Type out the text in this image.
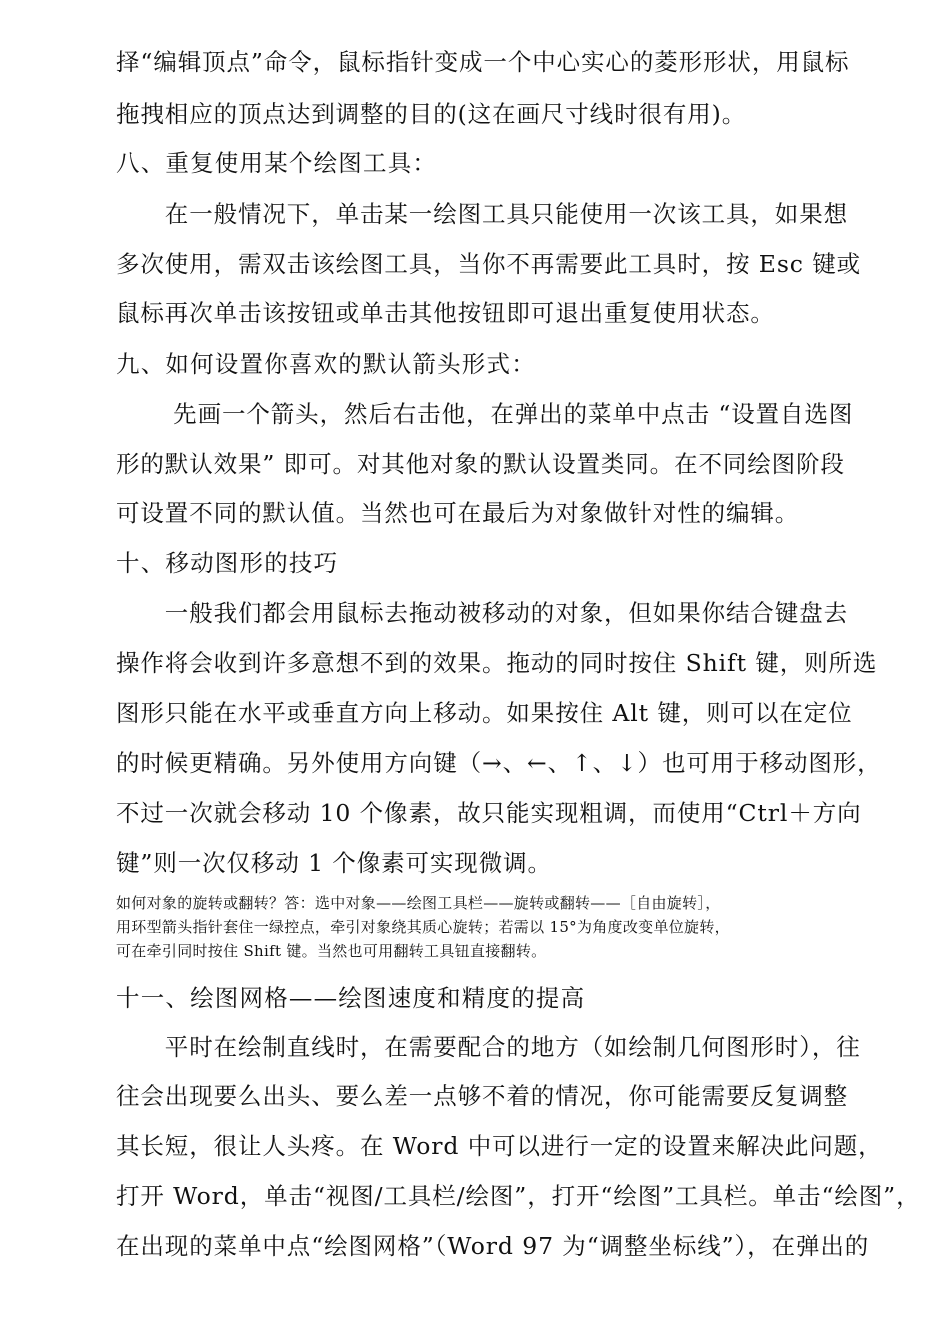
择“编辑顶点”命令，鼠标指针变成一个中心实心的菱形形状，用鼠标
拖拽相应的顶点达到调整的目的(这在画尺寸线时很有用)。
八、重复使用某个绘图工具：
　　在一般情况下，单击某一绘图工具只能使用一次该工具，如果想
多次使用，需双击该绘图工具，当你不再需要此工具时，按 Esc 键或
鼠标再次单击该按钮或单击其他按钮即可退出重复使用状态。
九、如何设置你喜欢的默认箭头形式：
　　 先画一个箭头，然后右击他，在弹出的菜单中点击 “设置自选图
形的默认效果” 即可。对其他对象的默认设置类同。在不同绘图阶段
可设置不同的默认值。当然也可在最后为对象做针对性的编辑。
十、移动图形的技巧
　　一般我们都会用鼠标去拖动被移动的对象，但如果你结合键盘去
操作将会收到许多意想不到的效果。拖动的同时按住 Shift 键，则所选
图形只能在水平或垂直方向上移动。如果按住 Alt 键，则可以在定位
的时候更精确。另外使用方向键（→、←、↑、↓）也可用于移动图形，
不过一次就会移动 10 个像素，故只能实现粗调，而使用“Ctrl＋方向
键”则一次仅移动 1 个像素可实现微调。
如何对象的旋转或翻转？答：选中对象——绘图工具栏——旋转或翻转——［自由旋转］，
用环型箭头指针套住一绿控点，牵引对象绕其质心旋转；若需以 15°为角度改变单位旋转，
可在牵引同时按住 Shift 键。当然也可用翻转工具钮直接翻转。
十一、绘图网格——绘图速度和精度的提高
　　平时在绘制直线时，在需要配合的地方（如绘制几何图形时），往
往会出现要么出头、要么差一点够不着的情况，你可能需要反复调整
其长短，很让人头疼。在 Word 中可以进行一定的设置来解决此问题，
打开 Word，单击“视图/工具栏/绘图”，打开“绘图”工具栏。单击“绘图”，
在出现的菜单中点“绘图网格”（Word 97 为“调整坐标线”），在弹出的
